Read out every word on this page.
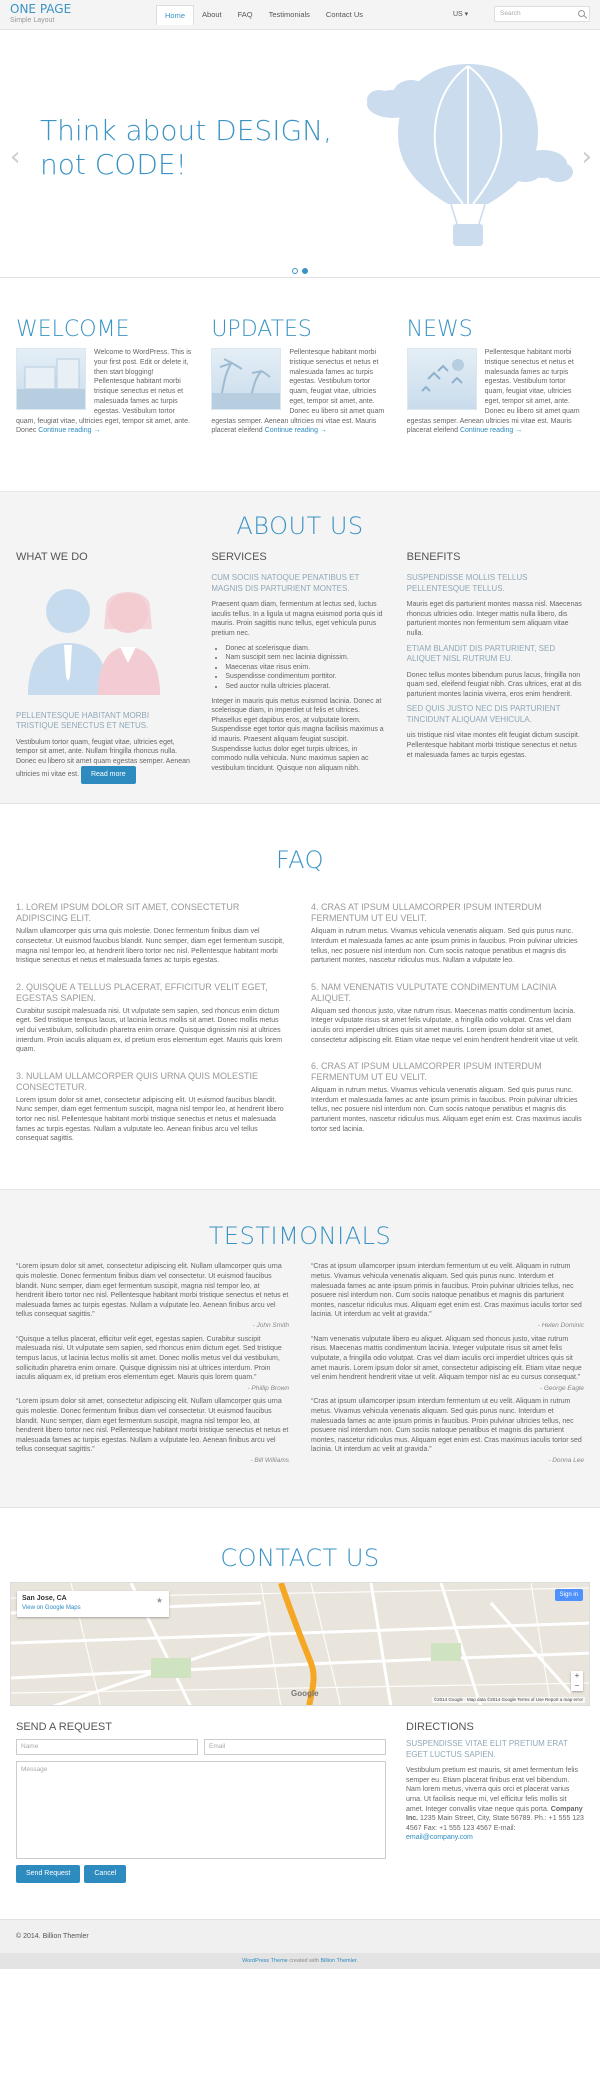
ONE PAGE
Simple Layout
Home	About	FAQ	Testimonials	Contact Us	US ▾	Search
Think about DESIGN,
not CODE!
‹	›
WELCOME
Welcome to WordPress. This is your first post. Edit or delete it, then start blogging! Pellentesque habitant morbi tristique senectus et netus et malesuada fames ac turpis egestas. Vestibulum tortor quam, feugiat vitae, ultricies eget, tempor sit amet, ante. Donec Continue reading →
UPDATES
Pellentesque habitant morbi tristique senectus et netus et malesuada fames ac turpis egestas. Vestibulum tortor quam, feugiat vitae, ultricies eget, tempor sit amet, ante. Donec eu libero sit amet quam egestas semper. Aenean ultricies mi vitae est. Mauris placerat eleifend Continue reading →
NEWS
Pellentesque habitant morbi tristique senectus et netus et malesuada fames ac turpis egestas. Vestibulum tortor quam, feugiat vitae, ultricies eget, tempor sit amet, ante. Donec eu libero sit amet quam egestas semper. Aenean ultricies mi vitae est. Mauris placerat eleifend Continue reading →
ABOUT US
WHAT WE DO
PELLENTESQUE HABITANT MORBI TRISTIQUE SENECTUS ET NETUS.
Vestibulum tortor quam, feugiat vitae, ultricies eget, tempor sit amet, ante. Nullam fringilla rhoncus nulla. Donec eu libero sit amet quam egestas semper. Aenean ultricies mi vitae est. Read more
SERVICES
CUM SOCIIS NATOQUE PENATIBUS ET MAGNIS DIS PARTURIENT MONTES.
Praesent quam diam, fermentum at lectus sed, luctus iaculis tellus. In a ligula ut magna euismod porta quis id mauris. Proin sagittis nunc tellus, eget vehicula purus pretium nec.
• Donec at scelerisque diam.
• Nam suscipit sem nec lacinia dignissim.
• Maecenas vitae risus enim.
• Suspendisse condimentum porttitor.
• Sed auctor nulla ultricies placerat.
Integer in mauris quis metus euismod lacinia. Donec at scelerisque diam, in imperdiet ut felis et ultrices. Phasellus eget dapibus eros, at vulputate lorem. Suspendisse eget tortor quis magna facilisis maximus a id mauris. Praesent aliquam feugiat suscipit. Suspendisse luctus dolor eget turpis ultrices, in commodo nulla vehicula. Nunc maximus sapien ac vestibulum tincidunt. Quisque non aliquam nibh.
BENEFITS
SUSPENDISSE MOLLIS TELLUS PELLENTESQUE TELLUS.
Mauris eget dis parturient montes massa nisl. Maecenas rhoncus ultricies odio. Integer mattis nulla libero, dis parturient montes non fermentum sem aliquam vitae nulla.
ETIAM BLANDIT DIS PARTURIENT, SED ALIQUET NISL RUTRUM EU.
Donec tellus montes bibendum purus lacus, fringilla non quam sed, eleifend feugiat nibh. Cras ultrices, erat at dis parturient montes lacinia viverra, eros enim hendrerit.
SED QUIS JUSTO NEC DIS PARTURIENT TINCIDUNT ALIQUAM VEHICULA.
uis tristique nisl vitae montes elit feugiat dictum suscipit. Pellentesque habitant morbi tristique senectus et netus et malesuada fames ac turpis egestas.
FAQ
1. LOREM IPSUM DOLOR SIT AMET, CONSECTETUR ADIPISCING ELIT.
Nullam ullamcorper quis urna quis molestie. Donec fermentum finibus diam vel consectetur. Ut euismod faucibus blandit. Nunc semper, diam eget fermentum suscipit, magna nisl tempor leo, at hendrerit libero tortor nec nisl. Pellentesque habitant morbi tristique senectus et netus et malesuada fames ac turpis egestas.
2. QUISQUE A TELLUS PLACERAT, EFFICITUR VELIT EGET, EGESTAS SAPIEN.
Curabitur suscipit malesuada nisi. Ut vulputate sem sapien, sed rhoncus enim dictum eget. Sed tristique tempus lacus, ut lacinia lectus mollis sit amet. Donec mollis metus vel dui vestibulum, sollicitudin pharetra enim ornare. Quisque dignissim nisi at ultrices interdum. Proin iaculis aliquam ex, id pretium eros elementum eget. Mauris quis lorem quam.
3. NULLAM ULLAMCORPER QUIS URNA QUIS MOLESTIE CONSECTETUR.
Lorem ipsum dolor sit amet, consectetur adipiscing elit. Ut euismod faucibus blandit. Nunc semper, diam eget fermentum suscipit, magna nisl tempor leo, at hendrerit libero tortor nec nisl. Pellentesque habitant morbi tristique senectus et netus et malesuada fames ac turpis egestas. Nullam a vulputate leo. Aenean finibus arcu vel tellus consequat sagittis.
4. CRAS AT IPSUM ULLAMCORPER IPSUM INTERDUM FERMENTUM UT EU VELIT.
Aliquam in rutrum metus. Vivamus vehicula venenatis aliquam. Sed quis purus nunc. Interdum et malesuada fames ac ante ipsum primis in faucibus. Proin pulvinar ultricies tellus, nec posuere nisl interdum non. Cum sociis natoque penatibus et magnis dis parturient montes, nascetur ridiculus mus. Nullam a vulputate leo.
5. NAM VENENATIS VULPUTATE CONDIMENTUM LACINIA ALIQUET.
Aliquam sed rhoncus justo, vitae rutrum risus. Maecenas mattis condimentum lacinia. Integer vulputate risus sit amet felis vulputate, a fringilla odio volutpat. Cras vel diam iaculis orci imperdiet ultrices quis sit amet mauris. Lorem ipsum dolor sit amet, consectetur adipiscing elit. Etiam vitae neque vel enim hendrerit hendrerit vitae ut velit.
6. CRAS AT IPSUM ULLAMCORPER IPSUM INTERDUM FERMENTUM UT EU VELIT.
Aliquam in rutrum metus. Vivamus vehicula venenatis aliquam. Sed quis purus nunc. Interdum et malesuada fames ac ante ipsum primis in faucibus. Proin pulvinar ultricies tellus, nec posuere nisl interdum non. Cum sociis natoque penatibus et magnis dis parturient montes, nascetur ridiculus mus. Aliquam eget enim est. Cras maximus iaculis tortor sed lacinia.
TESTIMONIALS
“Lorem ipsum dolor sit amet, consectetur adipiscing elit. Nullam ullamcorper quis urna quis molestie. Donec fermentum finibus diam vel consectetur. Ut euismod faucibus blandit. Nunc semper, diam eget fermentum suscipit, magna nisl tempor leo, at hendrerit libero tortor nec nisl. Pellentesque habitant morbi tristique senectus et netus et malesuada fames ac turpis egestas. Nullam a vulputate leo. Aenean finibus arcu vel tellus consequat sagittis.”
- John Smith
“Quisque a tellus placerat, efficitur velit eget, egestas sapien. Curabitur suscipit malesuada nisi. Ut vulputate sem sapien, sed rhoncus enim dictum eget. Sed tristique tempus lacus, ut lacinia lectus mollis sit amet. Donec mollis metus vel dui vestibulum, sollicitudin pharetra enim ornare. Quisque dignissim nisi at ultrices interdum. Proin iaculis aliquam ex, id pretium eros elementum eget. Mauris quis lorem quam.”
- Phillip Brown
“Lorem ipsum dolor sit amet, consectetur adipiscing elit. Nullam ullamcorper quis urna quis molestie. Donec fermentum finibus diam vel consectetur. Ut euismod faucibus blandit. Nunc semper, diam eget fermentum suscipit, magna nisl tempor leo, at hendrerit libero tortor nec nisl. Pellentesque habitant morbi tristique senectus et netus et malesuada fames ac turpis egestas. Nullam a vulputate leo. Aenean finibus arcu vel tellus consequat sagittis.”
- Bill Williams
“Cras at ipsum ullamcorper ipsum interdum fermentum ut eu velit. Aliquam in rutrum metus. Vivamus vehicula venenatis aliquam. Sed quis purus nunc. Interdum et malesuada fames ac ante ipsum primis in faucibus. Proin pulvinar ultricies tellus, nec posuere nisl interdum non. Cum sociis natoque penatibus et magnis dis parturient montes, nascetur ridiculus mus. Aliquam eget enim est. Cras maximus iaculis tortor sed lacinia. Ut interdum ac velit at gravida.”
- Helen Dominic
“Nam venenatis vulputate libero eu aliquet. Aliquam sed rhoncus justo, vitae rutrum risus. Maecenas mattis condimentum lacinia. Integer vulputate risus sit amet felis vulputate, a fringilla odio volutpat. Cras vel diam iaculis orci imperdiet ultrices quis sit amet mauris. Lorem ipsum dolor sit amet, consectetur adipiscing elit. Etiam vitae neque vel enim hendrerit hendrerit vitae ut velit. Aliquam tempor nisl ac eu cursus consequat.”
- George Eagle
“Cras at ipsum ullamcorper ipsum interdum fermentum ut eu velit. Aliquam in rutrum metus. Vivamus vehicula venenatis aliquam. Sed quis purus nunc. Interdum et malesuada fames ac ante ipsum primis in faucibus. Proin pulvinar ultricies tellus, nec posuere nisl interdum non. Cum sociis natoque penatibus et magnis dis parturient montes, nascetur ridiculus mus. Aliquam eget enim est. Cras maximus iaculis tortor sed lacinia. Ut interdum ac velit at gravida.”
- Donna Lee
CONTACT US
San Jose, CA
View on Google Maps
★
Sign in
+
−
Google
©2014 Google · Map data ©2014 Google Terms of Use Report a map error
SEND A REQUEST
Name	Email
Message
Send Request	Cancel
DIRECTIONS
SUSPENDISSE VITAE ELIT PRETIUM ERAT EGET LUCTUS SAPIEN.
Vestibulum pretium est mauris, sit amet fermentum felis semper eu. Etiam placerat finibus erat vel bibendum. Nam lorem metus, viverra quis orci et placerat varius urna. Ut facilisis neque mi, vel efficitur felis mollis sit amet. Integer convallis vitae neque quis porta. Company Inc. 1235 Main Street, City, State 56789. Ph.: +1 555 123 4567 Fax: +1 555 123 4567 E-mail: email@company.com
© 2014. Billion Themler
WordPress Theme created with Billion Themler.
